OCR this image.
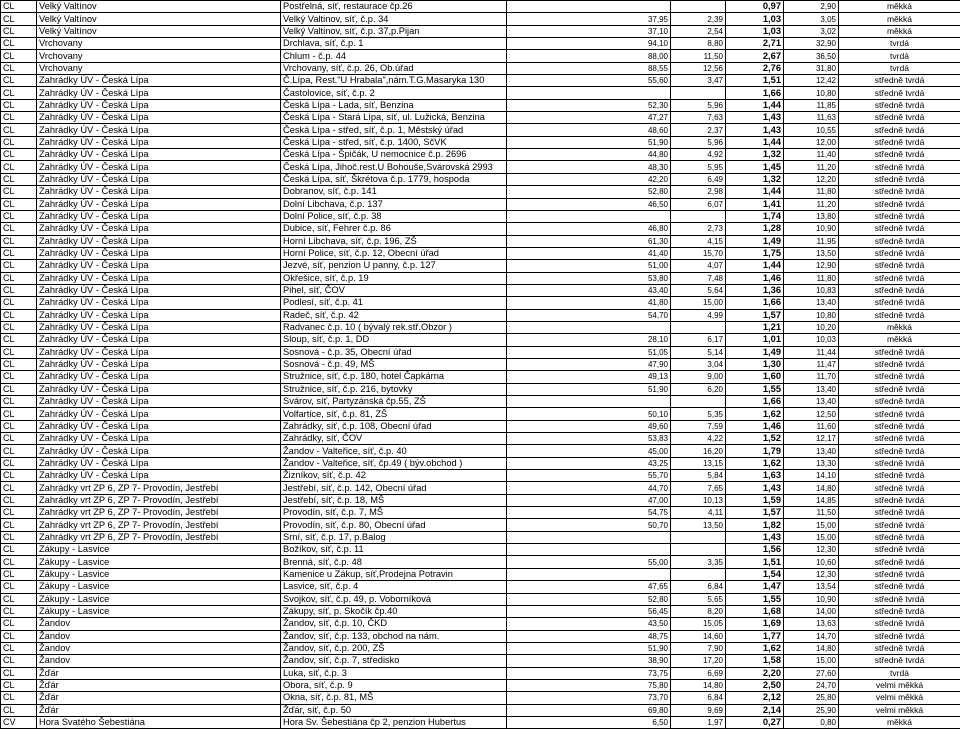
CL	Velký Valtínov	Postřelná, síť, restaurace čp.26			0,97	2,90	měkká
CL	Velký Valtínov	Velký Valtinov, síť, č.p. 34	37,95	2,39	1,03	3,05	měkká
CL	Velký Valtínov	Velký Valtinov, síť, č.p. 37,p.Pijan	37,10	2,54	1,03	3,02	měkká
CL	Vrchovany	Drchlava, síť, č.p. 1	94,10	8,80	2,71	32,90	tvrdá
CL	Vrchovany	Chlum - č.p. 44	88,00	11,50	2,67	36,50	tvrdá
CL	Vrchovany	Vrchovany, síť, č.p. 26, Ob.úřad	88,55	12,56	2,76	31,80	tvrdá
CL	Zahrádky ÚV - Česká Lípa	Č.Lípa, Rest."U Hrabala",nám.T.G.Masaryka 130	55,60	3,47	1,51	12,42	středně tvrdá
CL	Zahrádky ÚV - Česká Lípa	Častolovice, síť, č.p. 2			1,66	10,80	středně tvrdá
CL	Zahrádky ÚV - Česká Lípa	Česká Lípa - Lada, síť, Benzina	52,30	5,96	1,44	11,85	středně tvrdá
CL	Zahrádky ÚV - Česká Lípa	Česká Lípa - Stará Lípa, síť, ul. Lužická, Benzina	47,27	7,63	1,43	11,63	středně tvrdá
CL	Zahrádky ÚV - Česká Lípa	Česká Lípa - střed, síť, č.p. 1, Městský úřad	48,60	2,37	1,43	10,55	středně tvrdá
CL	Zahrádky ÚV - Česká Lípa	Česká Lípa - střed, síť, č.p. 1400, SčVK	51,90	5,96	1,44	12,00	středně tvrdá
CL	Zahrádky ÚV - Česká Lípa	Česká Lípa - Špičák, U nemocnice č.p. 2696	44,80	4,92	1,32	11,40	středně tvrdá
CL	Zahrádky ÚV - Česká Lípa	Česká Lípa, Jihoč.rest.U Bohouše,Svárovská 2993	48,30	5,95	1,45	11,20	středně tvrdá
CL	Zahrádky ÚV - Česká Lípa	Česká Lípa, síť, Škrétova č.p. 1779, hospoda	42,20	6,49	1,32	12,20	středně tvrdá
CL	Zahrádky ÚV - Česká Lípa	Dobranov, síť, č.p. 141	52,80	2,98	1,44	11,80	středně tvrdá
CL	Zahrádky ÚV - Česká Lípa	Dolní Libchava, č.p. 137	46,50	6,07	1,41	11,20	středně tvrdá
CL	Zahrádky ÚV - Česká Lípa	Dolní Police, síť, č.p. 38			1,74	13,80	středně tvrdá
CL	Zahrádky ÚV - Česká Lípa	Dubice, síť, Fehrer č.p. 86	46,80	2,73	1,28	10,90	středně tvrdá
CL	Zahrádky ÚV - Česká Lípa	Horní Libchava, síť, č.p. 196, ZŠ	61,30	4,15	1,49	11,95	středně tvrdá
CL	Zahrádky ÚV - Česká Lípa	Horní Police, síť, č.p. 12, Obecní úřad	41,40	15,70	1,75	13,50	středně tvrdá
CL	Zahrádky ÚV - Česká Lípa	Jezvé, síť, penzion U panny, č.p. 127	51,00	4,07	1,44	12,90	středně tvrdá
CL	Zahrádky ÚV - Česká Lípa	Okřešice, síť, č.p. 19	53,80	7,48	1,46	11,80	středně tvrdá
CL	Zahrádky ÚV - Česká Lípa	Pihel, síť, ČOV	43,40	5,64	1,36	10,83	středně tvrdá
CL	Zahrádky ÚV - Česká Lípa	Podlesí, síť, č.p. 41	41,80	15,00	1,66	13,40	středně tvrdá
CL	Zahrádky ÚV - Česká Lípa	Radeč, síť, č.p. 42	54,70	4,99	1,57	10,80	středně tvrdá
CL	Zahrádky ÚV - Česká Lípa	Radvanec č.p. 10 ( bývalý rek.stř.Obzor )			1,21	10,20	měkká
CL	Zahrádky ÚV - Česká Lípa	Sloup, síť, č.p. 1, DD	28,10	6,17	1,01	10,03	měkká
CL	Zahrádky ÚV - Česká Lípa	Sosnová - č.p. 35, Obecní úřad	51,05	5,14	1,49	11,44	středně tvrdá
CL	Zahrádky ÚV - Česká Lípa	Sosnová - č.p. 49, MŠ	47,90	3,04	1,30	11,47	středně tvrdá
CL	Zahrádky ÚV - Česká Lípa	Stružnice, síť, č.p. 180, hotel Čapkárna	49,13	9,00	1,60	11,70	středně tvrdá
CL	Zahrádky ÚV - Česká Lípa	Stružnice, síť, č.p. 216, bytovky	51,90	6,20	1,55	13,40	středně tvrdá
CL	Zahrádky ÚV - Česká Lípa	Svárov, síť, Partyzánská čp.55, ZŠ			1,66	13,40	středně tvrdá
CL	Zahrádky ÚV - Česká Lípa	Volfartice, síť, č.p. 81, ZŠ	50,10	5,35	1,62	12,50	středně tvrdá
CL	Zahrádky ÚV - Česká Lípa	Zahrádky, síť, č.p. 108, Obecní úřad	49,60	7,59	1,46	11,60	středně tvrdá
CL	Zahrádky ÚV - Česká Lípa	Zahrádky, síť, ČOV	53,83	4,22	1,52	12,17	středně tvrdá
CL	Zahrádky ÚV - Česká Lípa	Žandov - Valteřice, síť, č.p. 40	45,00	16,20	1,79	13,40	středně tvrdá
CL	Zahrádky ÚV - Česká Lípa	Žandov - Valteřice, síť, čp.49 ( býv.obchod )	43,25	13,15	1,62	13,30	středně tvrdá
CL	Zahrádky ÚV - Česká Lípa	Žizníkov, síť, č.p. 42	55,70	5,84	1,63	14,10	středně tvrdá
CL	Zahrádky vrt ZP 6, ZP 7- Provodín, Jestřebí	Jestřebí, síť, č.p. 142, Obecní úřad	44,70	7,65	1,43	14,80	středně tvrdá
CL	Zahrádky vrt ZP 6, ZP 7- Provodín, Jestřebí	Jestřebí, síť, č.p. 18, MŠ	47,00	10,13	1,59	14,85	středně tvrdá
CL	Zahrádky vrt ZP 6, ZP 7- Provodín, Jestřebí	Provodín, síť, č.p. 7, MŠ	54,75	4,11	1,57	11,50	středně tvrdá
CL	Zahrádky vrt ZP 6, ZP 7- Provodín, Jestřebí	Provodín, síť, č.p. 80, Obecní úřad	50,70	13,50	1,82	15,00	středně tvrdá
CL	Zahrádky vrt ZP 6, ZP 7- Provodín, Jestřebí	Srní, síť, č.p. 17, p.Balog			1,43	15,00	středně tvrdá
CL	Zákupy - Lasvice	Božíkov, síť, č.p. 11			1,56	12,30	středně tvrdá
CL	Zákupy - Lasvice	Brenná, síť, č.p. 48	55,00	3,35	1,51	10,60	středně tvrdá
CL	Zákupy - Lasvice	Kamenice u Zákup, síť,Prodejna Potravin			1,54	12,30	středně tvrdá
CL	Zákupy - Lasvice	Lasvice, síť, č.p. 4	47,65	6,84	1,47	13,54	středně tvrdá
CL	Zákupy - Lasvice	Svojkov, síť, č.p. 49, p. Voborníková	52,80	5,65	1,55	10,90	středně tvrdá
CL	Zákupy - Lasvice	Zákupy, síť, p. Skočík čp.40	56,45	8,20	1,68	14,00	středně tvrdá
CL	Žandov	Žandov, síť, č.p. 10, ČKD	43,50	15,05	1,69	13,63	středně tvrdá
CL	Žandov	Žandov, síť, č.p. 133, obchod na nám.	48,75	14,60	1,77	14,70	středně tvrdá
CL	Žandov	Žandov, síť, č.p. 200, ZŠ	51,90	7,90	1,62	14,80	středně tvrdá
CL	Žandov	Žandov, síť, č.p. 7, středisko	38,90	17,20	1,58	15,00	středně tvrdá
CL	Žďár	Luka, síť, č.p. 3	73,75	6,69	2,20	27,60	tvrdá
CL	Žďár	Obora, síť, č.p. 9	75,80	14,80	2,50	24,70	velmi měkká
CL	Žďár	Okna, síť, č.p. 81, MŠ	73,70	6,84	2,12	25,80	velmi měkká
CL	Žďár	Žďár, síť, č.p. 50	69,80	9,69	2,14	25,90	velmi měkká
CV	Hora Svatého Šebestiána	Hora Sv. Šebestiána čp 2, penzion Hubertus	6,50	1,97	0,27	0,80	měkká
